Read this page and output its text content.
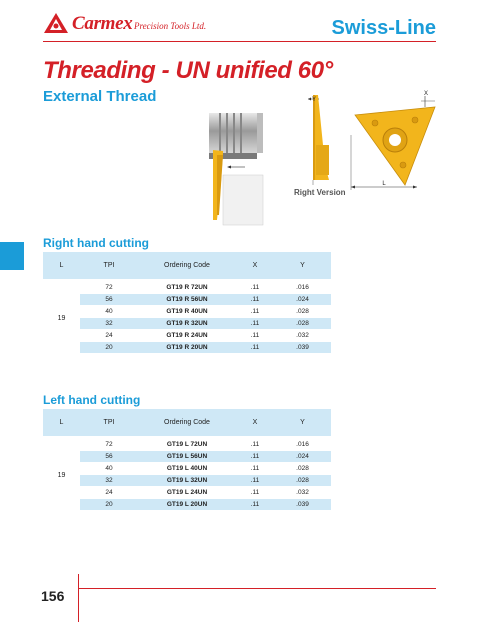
Carmex Precision Tools Ltd.	Swiss-Line
Threading - UN unified 60°
External Thread	Y
X
L
Right Version
Right hand cutting
L	TPI	Ordering Code	X	Y
19
72	GT19 R 72UN	.11	.016
56	GT19 R 56UN	.11	.024
40	GT19 R 40UN	.11	.028
32	GT19 R 32UN	.11	.028
24	GT19 R 24UN	.11	.032
20	GT19 R 20UN	.11	.039
Left hand cutting
L	TPI	Ordering Code	X	Y
19
72	GT19 L 72UN	.11	.016
56	GT19 L 56UN	.11	.024
40	GT19 L 40UN	.11	.028
32	GT19 L 32UN	.11	.028
24	GT19 L 24UN	.11	.032
20	GT19 L 20UN	.11	.039
156
